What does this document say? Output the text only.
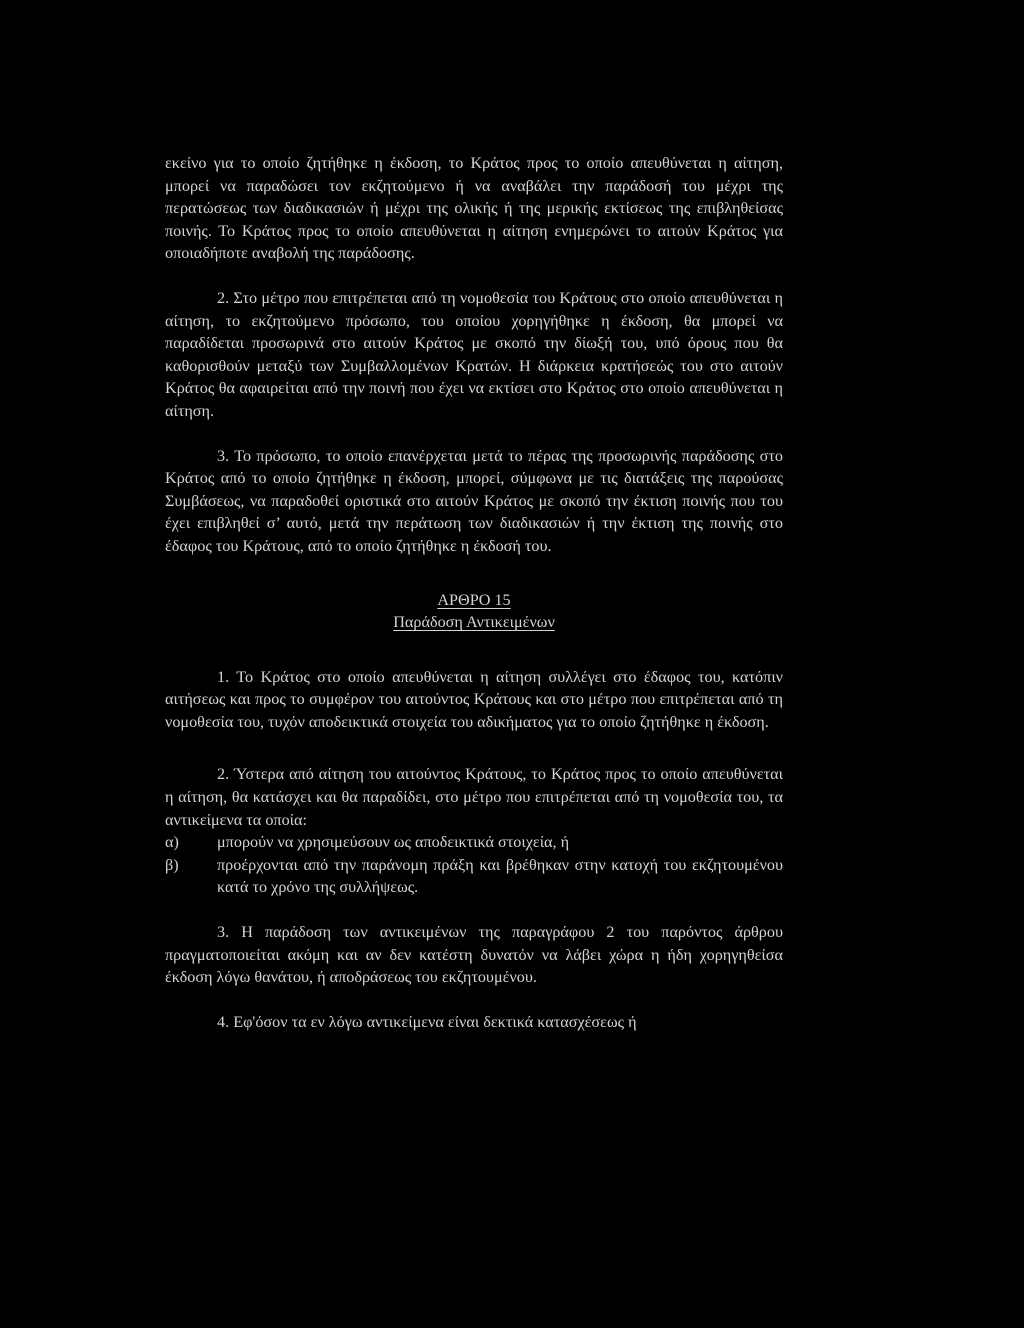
εκείνο για το οποίο ζητήθηκε η έκδοση, το Κράτος προς το οποίο απευθύνεται η αίτηση, μπορεί να παραδώσει τον εκζητούμενο ή να αναβάλει την παράδοσή του μέχρι της περατώσεως των διαδικασιών ή μέχρι της ολικής ή της μερικής εκτίσεως της επιβληθείσας ποινής. Το Κράτος προς το οποίο απευθύνεται η αίτηση ενημερώνει το αιτούν Κράτος για οποιαδήποτε αναβολή της παράδοσης.

2. Στο μέτρο που επιτρέπεται από τη νομοθεσία του Κράτους στο οποίο απευθύνεται η αίτηση, το εκζητούμενο πρόσωπο, του οποίου χορηγήθηκε η έκδοση, θα μπορεί να παραδίδεται προσωρινά στο αιτούν Κράτος με σκοπό την δίωξή του, υπό όρους που θα καθορισθούν μεταξύ των Συμβαλλομένων Κρατών. Η διάρκεια κρατήσεώς του στο αιτούν Κράτος θα αφαιρείται από την ποινή που έχει να εκτίσει στο Κράτος στο οποίο απευθύνεται η αίτηση.

3. Το πρόσωπο, το οποίο επανέρχεται μετά το πέρας της προσωρινής παράδοσης στο Κράτος από το οποίο ζητήθηκε η έκδοση, μπορεί, σύμφωνα με τις διατάξεις της παρούσας Συμβάσεως, να παραδοθεί οριστικά στο αιτούν Κράτος με σκοπό την έκτιση ποινής που του έχει επιβληθεί σ’ αυτό, μετά την περάτωση των διαδικασιών ή την έκτιση της ποινής στο έδαφος του Κράτους, από το οποίο ζητήθηκε η έκδοσή του.

ΑΡΘΡΟ 15
Παράδοση Αντικειμένων

1. Το Κράτος στο οποίο απευθύνεται η αίτηση συλλέγει στο έδαφος του, κατόπιν αιτήσεως και προς το συμφέρον του αιτούντος Κράτους και στο μέτρο που επιτρέπεται από τη νομοθεσία του, τυχόν αποδεικτικά στοιχεία του αδικήματος για το οποίο ζητήθηκε η έκδοση.

2. Ύστερα από αίτηση του αιτούντος Κράτους, το Κράτος προς το οποίο απευθύνεται η αίτηση, θα κατάσχει και θα παραδίδει, στο μέτρο που επιτρέπεται από τη νομοθεσία του, τα αντικείμενα τα οποία:

α)	μπορούν να χρησιμεύσουν ως αποδεικτικά στοιχεία, ή
β)	προέρχονται από την παράνομη πράξη και βρέθηκαν στην κατοχή του εκζητουμένου κατά το χρόνο της συλλήψεως.

3. Η παράδοση των αντικειμένων της παραγράφου 2 του παρόντος άρθρου πραγματοποιείται ακόμη και αν δεν κατέστη δυνατόν να λάβει χώρα η ήδη χορηγηθείσα έκδοση λόγω θανάτου, ή αποδράσεως του εκζητουμένου.

4. Εφ'όσον τα εν λόγω αντικείμενα είναι δεκτικά κατασχέσεως ή
